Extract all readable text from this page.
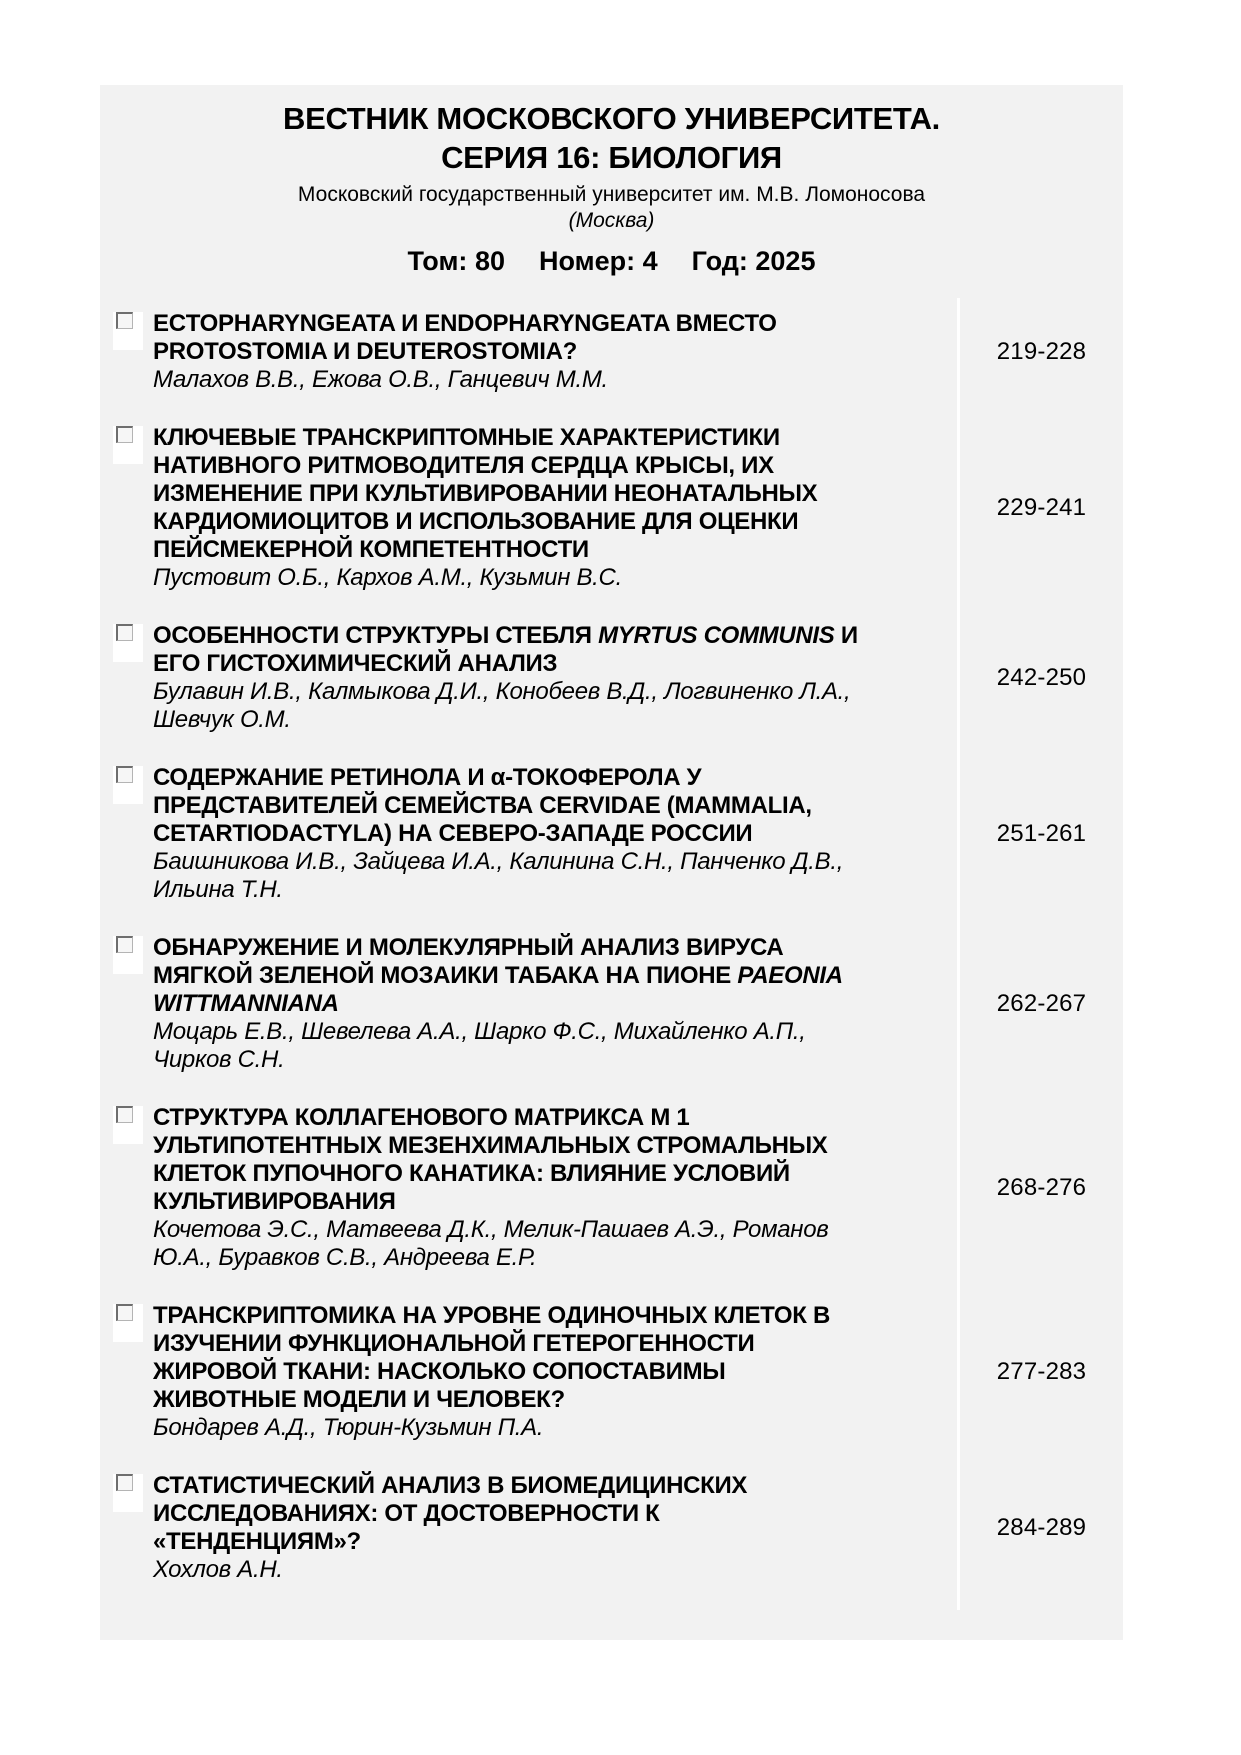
ВЕСТНИК МОСКОВСКОГО УНИВЕРСИТЕТА.
СЕРИЯ 16: БИОЛОГИЯ
Московский государственный университет им. М.В. Ломоносова
(Москва)
Том: 80 Номер: 4 Год: 2025
ECTOPHARYNGEATA И ENDOPHARYNGEATA ВМЕСТО PROTOSTOMIA И DEUTEROSTOMIA?
Малахов В.В., Ежова О.В., Ганцевич М.М.
219-228
КЛЮЧЕВЫЕ ТРАНСКРИПТОМНЫЕ ХАРАКТЕРИСТИКИ НАТИВНОГО РИТМОВОДИТЕЛЯ СЕРДЦА КРЫСЫ, ИХ ИЗМЕНЕНИЕ ПРИ КУЛЬТИВИРОВАНИИ НЕОНАТАЛЬНЫХ КАРДИОМИОЦИТОВ И ИСПОЛЬЗОВАНИЕ ДЛЯ ОЦЕНКИ ПЕЙСМЕКЕРНОЙ КОМПЕТЕНТНОСТИ
Пустовит О.Б., Кархов А.М., Кузьмин В.С.
229-241
ОСОБЕННОСТИ СТРУКТУРЫ СТЕБЛЯ MYRTUS COMMUNIS И ЕГО ГИСТОХИМИЧЕСКИЙ АНАЛИЗ
Булавин И.В., Калмыкова Д.И., Конобеев В.Д., Логвиненко Л.А., Шевчук О.М.
242-250
СОДЕРЖАНИЕ РЕТИНОЛА И α-ТОКОФЕРОЛА У ПРЕДСТАВИТЕЛЕЙ СЕМЕЙСТВА CERVIDAE (MAMMALIA, CETARTIODACTYLA) НА СЕВЕРО-ЗАПАДЕ РОССИИ
Баишникова И.В., Зайцева И.А., Калинина С.Н., Панченко Д.В., Ильина Т.Н.
251-261
ОБНАРУЖЕНИЕ И МОЛЕКУЛЯРНЫЙ АНАЛИЗ ВИРУСА МЯГКОЙ ЗЕЛЕНОЙ МОЗАИКИ ТАБАКА НА ПИОНЕ PAEONIA WITTMANNIANA
Моцарь Е.В., Шевелева А.А., Шарко Ф.С., Михайленко А.П., Чирков С.Н.
262-267
СТРУКТУРА КОЛЛАГЕНОВОГО МАТРИКСА М 1 УЛЬТИПОТЕНТНЫХ МЕЗЕНХИМАЛЬНЫХ СТРОМАЛЬНЫХ КЛЕТОК ПУПОЧНОГО КАНАТИКА: ВЛИЯНИЕ УСЛОВИЙ КУЛЬТИВИРОВАНИЯ
Кочетова Э.С., Матвеева Д.К., Мелик-Пашаев А.Э., Романов Ю.А., Буравков С.В., Андреева Е.Р.
268-276
ТРАНСКРИПТОМИКА НА УРОВНЕ ОДИНОЧНЫХ КЛЕТОК В ИЗУЧЕНИИ ФУНКЦИОНАЛЬНОЙ ГЕТЕРОГЕННОСТИ ЖИРОВОЙ ТКАНИ: НАСКОЛЬКО СОПОСТАВИМЫ ЖИВОТНЫЕ МОДЕЛИ И ЧЕЛОВЕК?
Бондарев А.Д., Тюрин-Кузьмин П.А.
277-283
СТАТИСТИЧЕСКИЙ АНАЛИЗ В БИОМЕДИЦИНСКИХ ИССЛЕДОВАНИЯХ: ОТ ДОСТОВЕРНОСТИ К «ТЕНДЕНЦИЯМ»?
Хохлов А.Н.
284-289
